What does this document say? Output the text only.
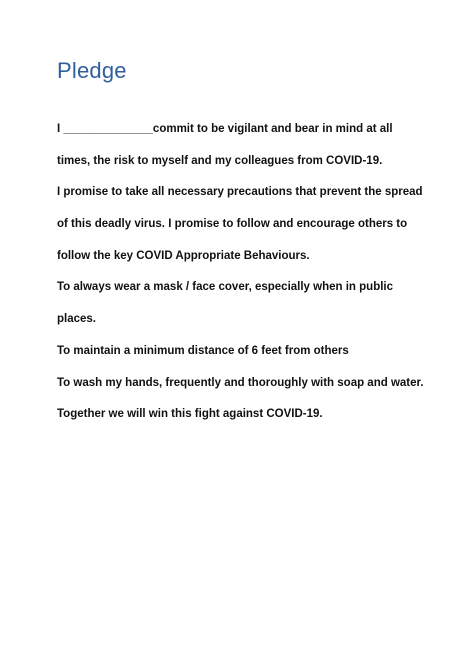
Pledge
I ______________commit to be vigilant and bear in mind at all
times, the risk to myself and my colleagues from COVID-19.
I promise to take all necessary precautions that prevent the spread
of this deadly virus. I promise to follow and encourage others to
follow the key COVID Appropriate Behaviours.
To always wear a mask / face cover, especially when in public
places.
To maintain a minimum distance of 6 feet from others
To wash my hands, frequently and thoroughly with soap and water.
Together we will win this fight against COVID-19.
